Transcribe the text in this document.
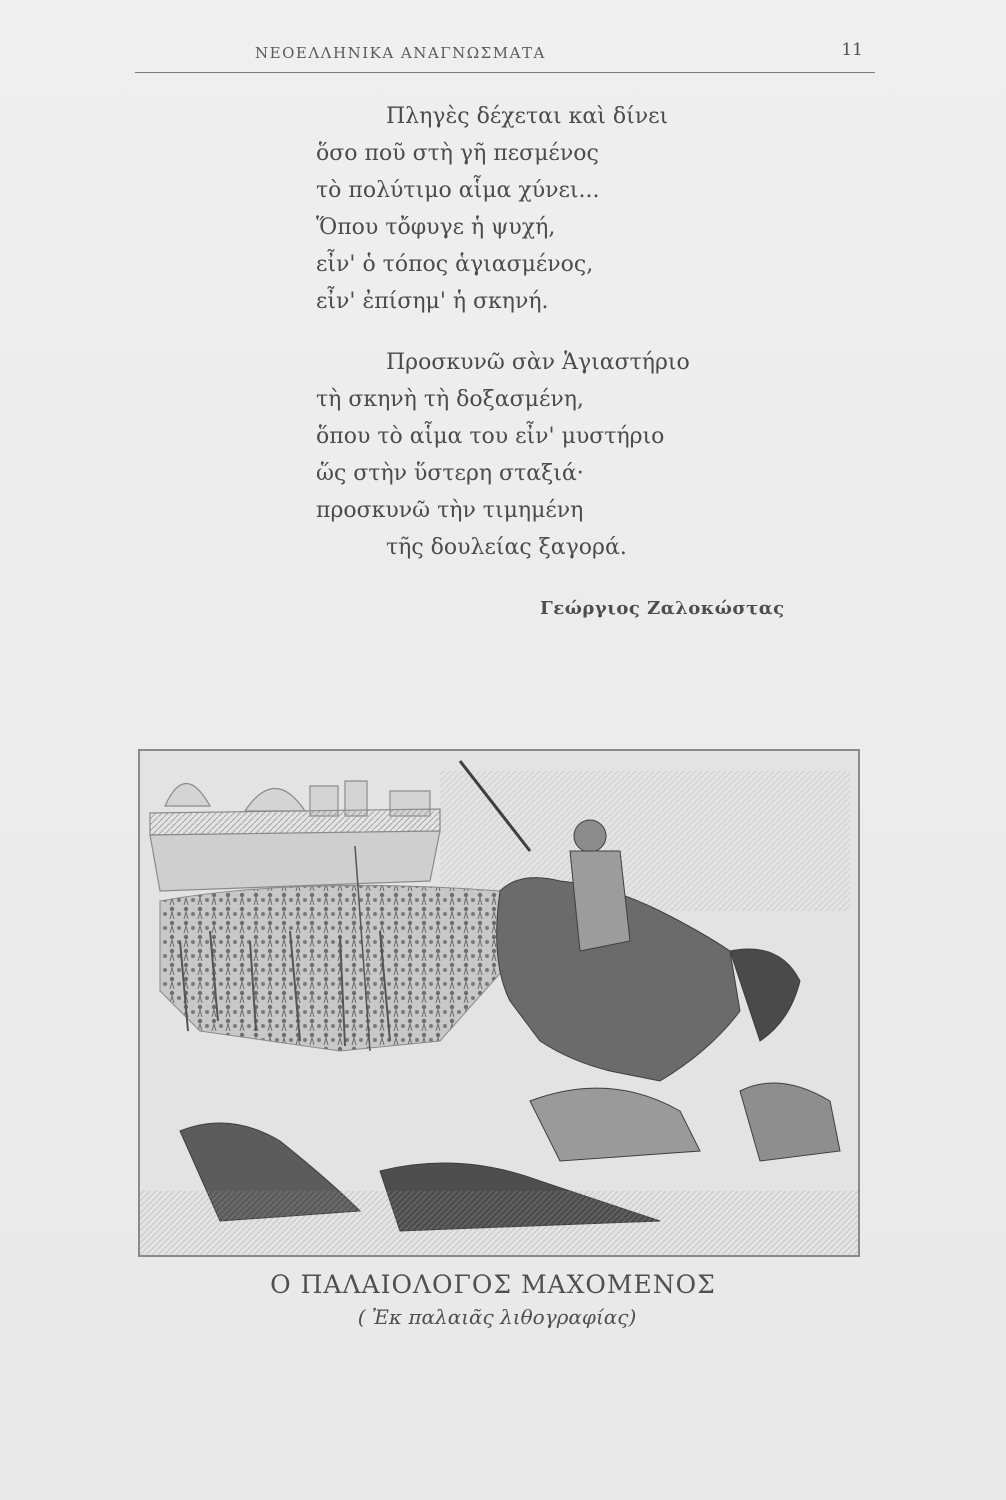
ΝΕΟΕΛΛΗΝΙΚΑ ΑΝΑΓΝΩΣΜΑΤΑ	11
Πληγὲς δέχεται καὶ δίνει
ὅσο ποῦ στὴ γῆ πεσμένος
τὸ πολύτιμο αἷμα χύνει...
Ὅπου τὄφυγε ἡ ψυχή,
εἶν' ὁ τόπος ἁγιασμένος,
εἶν' ἐπίσημ' ἡ σκηνή.
Προσκυνῶ σὰν Ἁγιαστήριο
τὴ σκηνὴ τὴ δοξασμένη,
ὅπου τὸ αἷμα του εἶν' μυστήριο
ὥς στὴν ὕστερη σταξιά·
προσκυνῶ τὴν τιμημένη
τῆς δουλείας ξαγορά.
Γεώργιος Ζαλοκώστας
Ο ΠΑΛΑΙΟΛΟΓΟΣ ΜΑΧΟΜΕΝΟΣ
( Ἐκ παλαιᾶς λιθογραφίας)
